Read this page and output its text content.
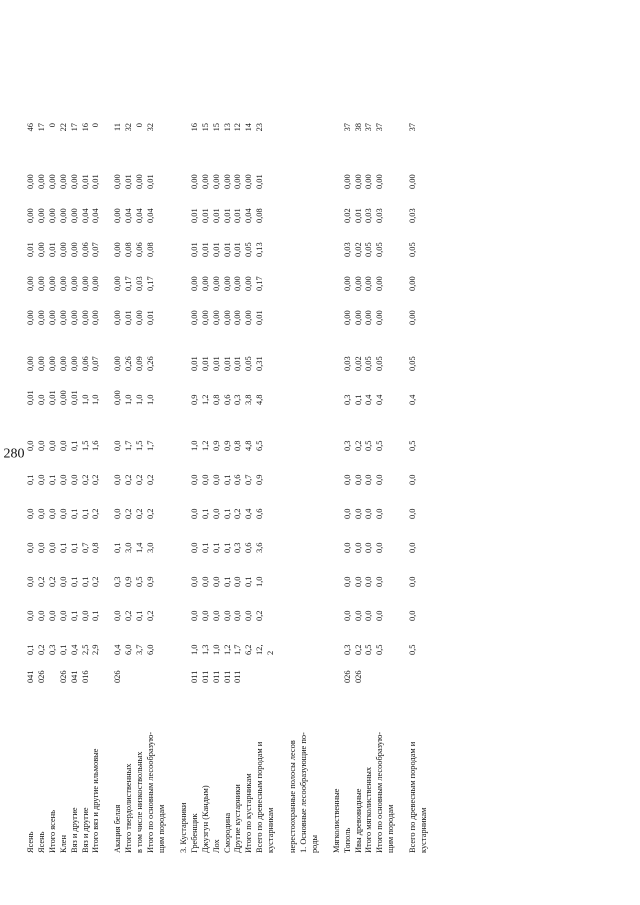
280
Ясень	041	0,1	0,0	0,0	0,0	0,0	0,1	0,0	0,01	0,00	0,00	0,00	0,01	0,00	0,00	46
Ясень	026	0,2	0,0	0,2	0,0	0,0	0,0	0,0	0,0	0,00	0,00	0,00	0,00	0,00	0,00	17
Итого ясень		0,3	0,0	0,2	0,0	0,0	0,1	0,0	0,01	0,00	0,00	0,00	0,01	0,00	0,00	0
Клен	026	0,1	0,0	0,0	0,1	0,0	0,0	0,0	0,00	0,00	0,00	0,00	0,00	0,00	0,00	22
Вяз и другие	041	0,4	0,1	0,1	0,1	0,1	0,0	0,1	0,01	0,00	0,00	0,00	0,00	0,00	0,00	17
Вяз и другие	016	2,5	0,0	0,1	0,7	0,1	0,2	1,5	1,0	0,06	0,00	0,00	0,06	0,04	0,01	16
Итого вяз и другие ильмовые		2,9	0,1	0,2	0,8	0,2	0,2	1,6	1,0	0,07	0,00	0,00	0,07	0,04	0,01	0

Акация белая	026	0,4	0,0	0,3	0,1	0,0	0,0	0,0	0,00	0,00	0,00	0,00	0,00	0,00	0,00	11
Итого твердолиственных		6,0	0,2	0,9	3,0	0,2	0,2	1,7	1,0	0,26	0,01	0,17	0,08	0,04	0,01	32
в том числе низкоствольных		3,7	0,1	0,5	1,4	0,2	0,2	1,5	1,0	0,09	0,00	0,03	0,06	0,04	0,00	0
Итого по основным лесообразую-		6,0	0,2	0,9	3,0	0,2	0,2	1,7	1,0	0,26	0,01	0,17	0,08	0,04	0,01	32
щим породам																

3. Кустарники																
Гребенщик	011	1,0	0,0	0,0	0,0	0,0	0,0	1,0	0,9	0,01	0,00	0,00	0,01	0,01	0,00	16
Джузгун (Кандым)	011	1,3	0,0	0,0	0,1	0,1	0,0	1,2	1,2	0,01	0,00	0,00	0,01	0,01	0,00	15
Лох	011	1,0	0,0	0,0	0,1	0,0	0,0	0,9	0,8	0,01	0,00	0,00	0,01	0,01	0,00	15
Смородина	011	1,2	0,0	0,1	0,1	0,1	0,1	0,9	0,6	0,01	0,00	0,00	0,01	0,01	0,00	13
Другие кустарники	011	1,7	0,0	0,0	0,3	0,2	0,6	0,8	0,3	0,01	0,00	0,00	0,01	0,01	0,00	12
Итого по кустарникам		6,2	0,0	0,1	0,6	0,4	0,7	4,8	3,8	0,05	0,00	0,00	0,05	0,04	0,00	14
Всего по древесным породам и		12,	0,2	1,0	3,6	0,6	0,9	6,5	4,8	0,31	0,01	0,17	0,13	0,08	0,01	23
кустарникам		2														

нерестоохранные полосы лесов																
1. Основные лесообразующие по-																
роды																

Мягколиственные																
Тополь	026	0,3	0,0	0,0	0,0	0,0	0,0	0,3	0,3	0,03	0,00	0,00	0,03	0,02	0,00	37
Ивы древовидные	026	0,2	0,0	0,0	0,0	0,0	0,0	0,2	0,1	0,02	0,00	0,00	0,02	0,01	0,00	38
Итого мягколиственных		0,5	0,0	0,0	0,0	0,0	0,0	0,5	0,4	0,05	0,00	0,00	0,05	0,03	0,00	37
Итого по основным лесообразую-		0,5	0,0	0,0	0,0	0,0	0,0	0,5	0,4	0,05	0,00	0,00	0,05	0,03	0,00	37
щим породам																

Всего по древесным породам и		0,5	0,0	0,0	0,0	0,0	0,0	0,5	0,4	0,05	0,00	0,00	0,05	0,03	0,00	37
кустарникам																
